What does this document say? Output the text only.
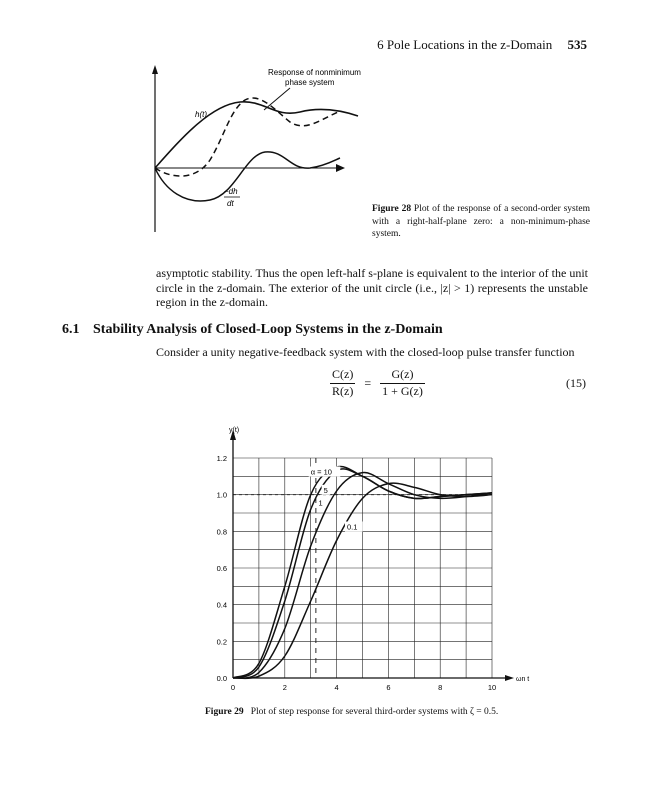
6 Pole Locations in the z-Domain 535
Response of nonminimum
phase system
h(t)
−dh
dt
Figure 28 Plot of the response of a second-order system with a right-half-plane zero: a non-minimum-phase system.
asymptotic stability. Thus the open left-half s-plane is equivalent to the interior of the unit circle in the z-domain. The exterior of the unit circle (i.e., |z| > 1) represents the unstable region in the z-domain.
6.1 Stability Analysis of Closed-Loop Systems in the z-Domain
Consider a unity negative-feedback system with the closed-loop pulse transfer function
$\frac{C(z)}{R(z)} = \frac{G(z)}{1 + G(z)}$	(15)
0	2	4	6	8	10
0.0
0.2
0.4
0.6
0.8
1.0
1.2
y(t)
ωn t
α = 10
5
1
0.1
Figure 29 Plot of step response for several third-order systems with ζ = 0.5.
